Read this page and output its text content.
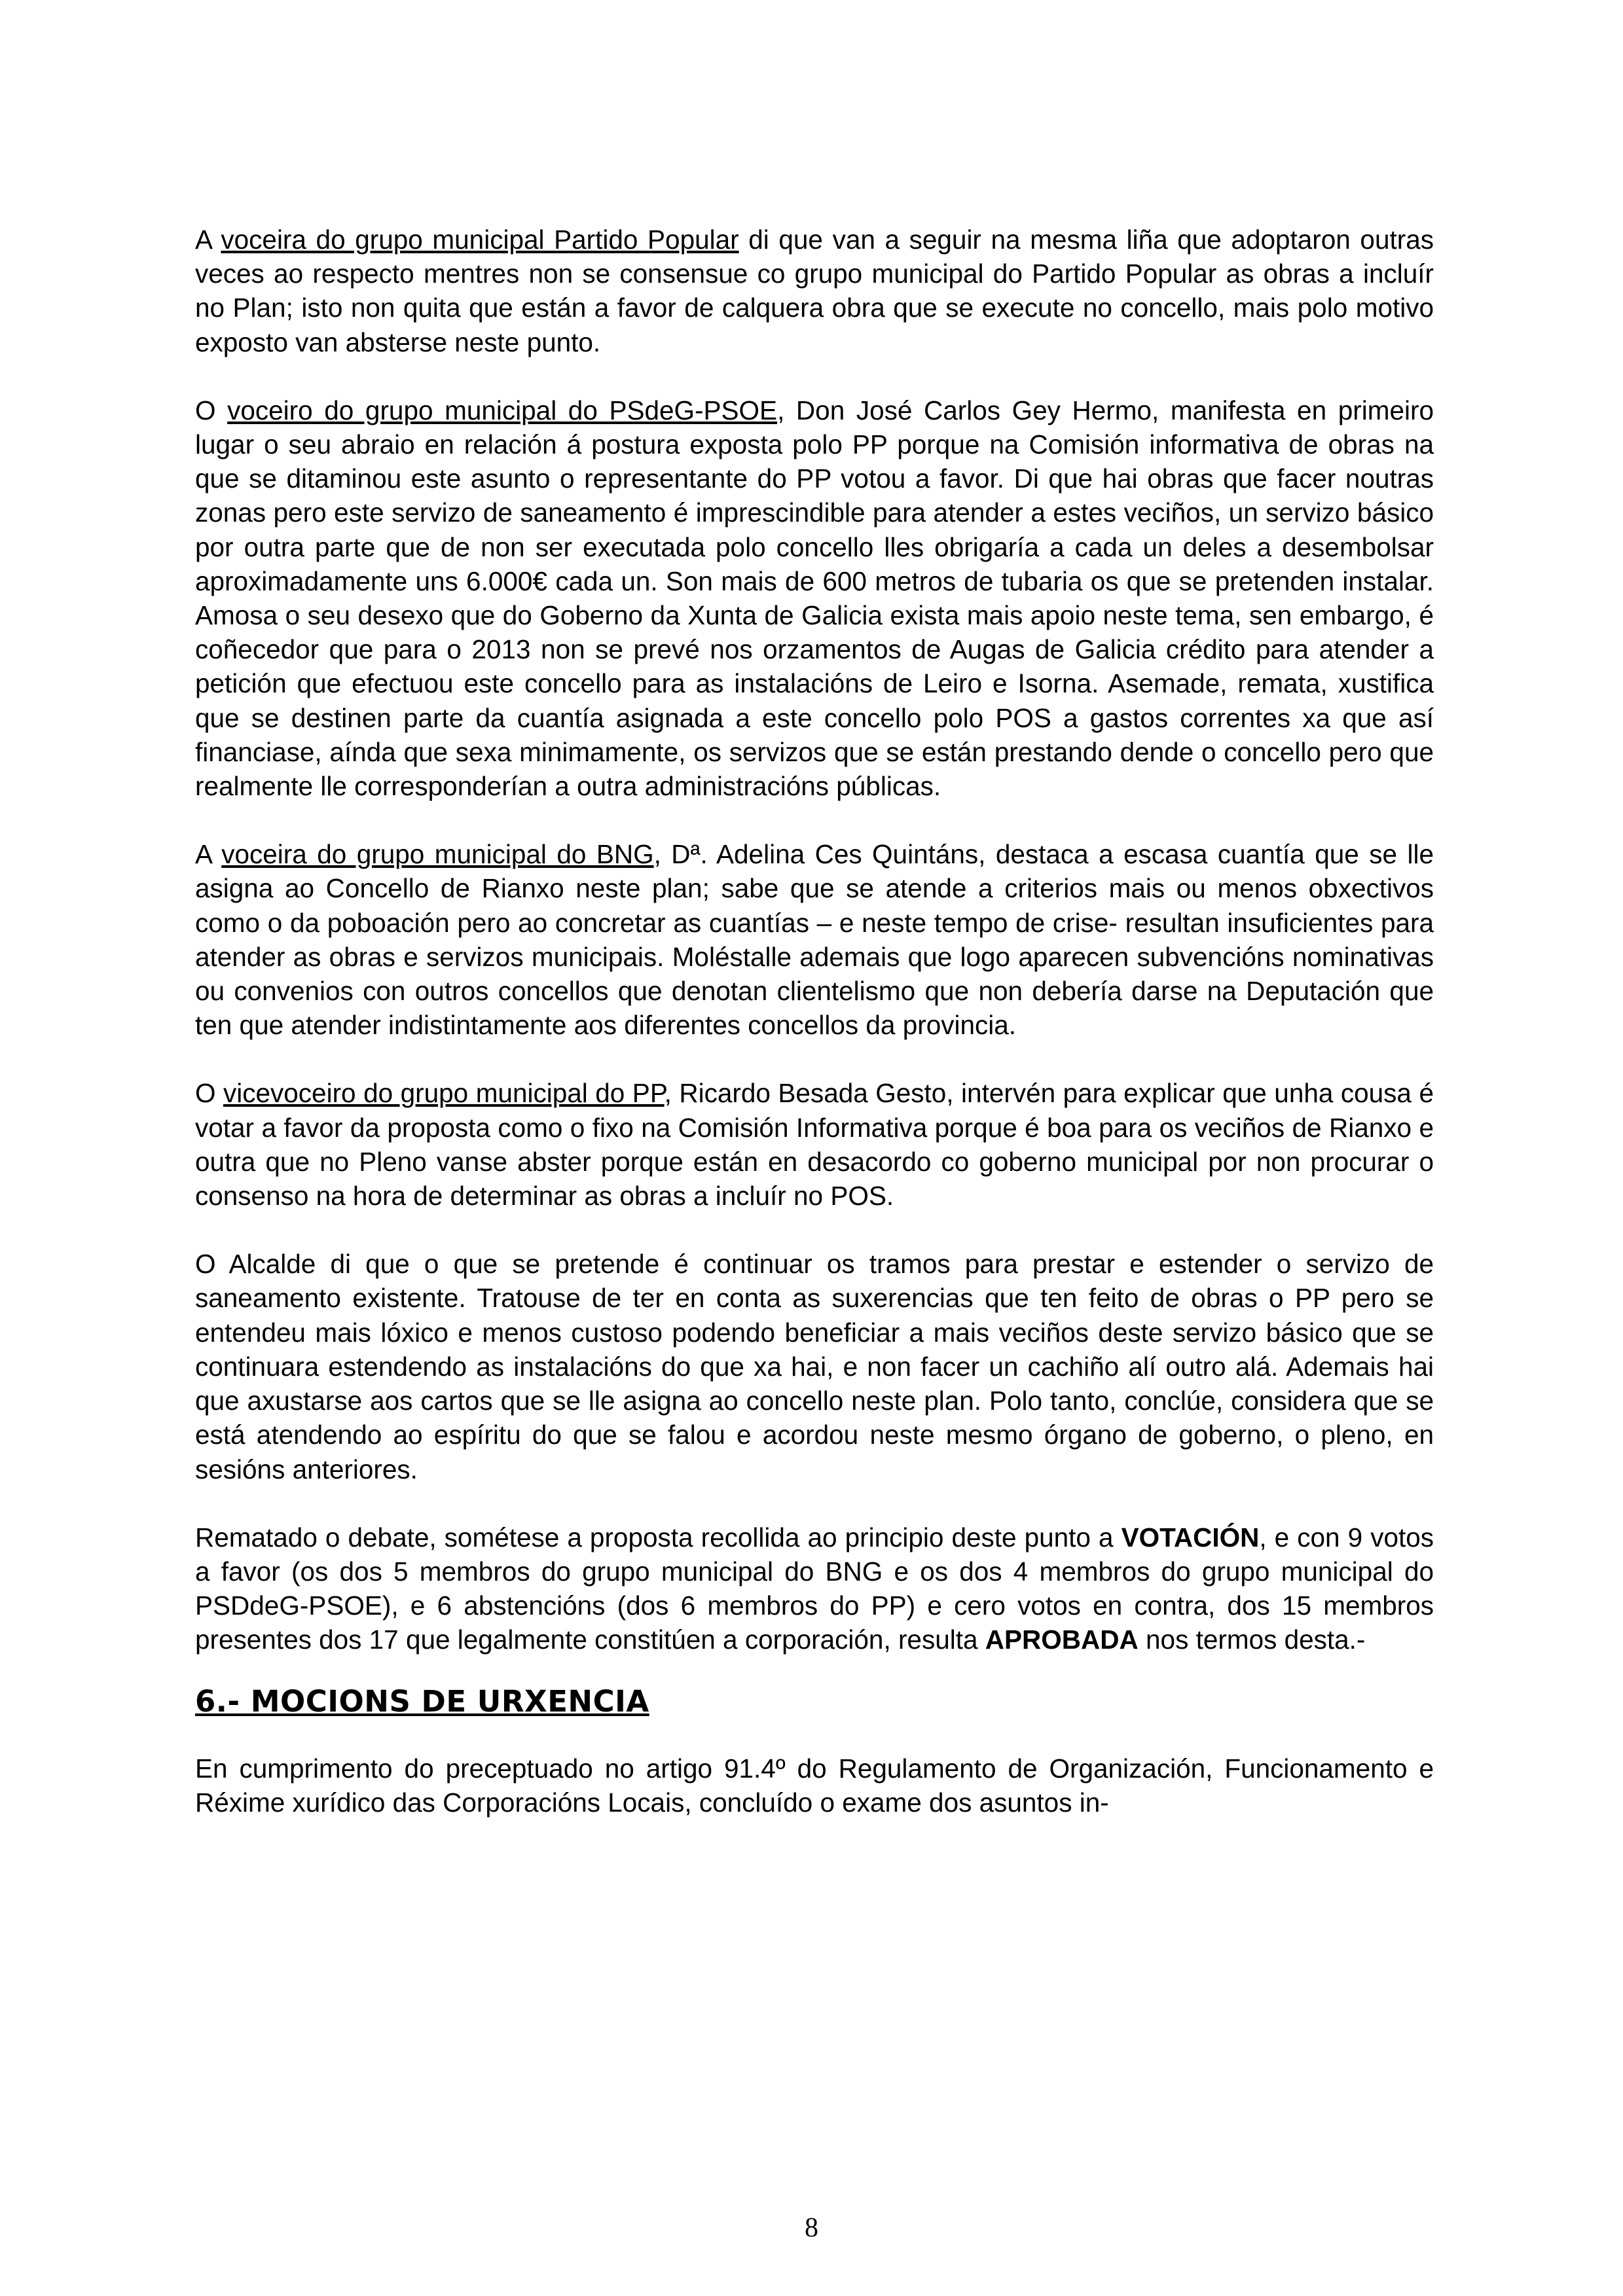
A voceira do grupo municipal Partido Popular di que van a seguir na mesma liña que adoptaron outras veces ao respecto mentres non se consensue co grupo municipal do Partido Popular as obras a incluír no Plan; isto non quita que están a favor de calquera obra que se execute no concello, mais polo motivo exposto van absterse neste punto.

O voceiro do grupo municipal do PSdeG-PSOE, Don José Carlos Gey Hermo, manifesta en primeiro lugar o seu abraio en relación á postura exposta polo PP porque na Comisión informativa de obras na que se ditaminou este asunto o representante do PP votou a favor. Di que hai obras que facer noutras zonas pero este servizo de saneamento é imprescindible para atender a estes veciños, un servizo básico por outra parte que de non ser executada polo concello lles obrigaría a cada un deles a desembolsar aproximadamente uns 6.000€ cada un. Son mais de 600 metros de tubaria os que se pretenden instalar. Amosa o seu desexo que do Goberno da Xunta de Galicia exista mais apoio neste tema, sen embargo, é coñecedor que para o 2013 non se prevé nos orzamentos de Augas de Galicia crédito para atender a petición que efectuou este concello para as instalacións de Leiro e Isorna. Asemade, remata, xustifica que se destinen parte da cuantía asignada a este concello polo POS a gastos correntes xa que así financiase, aínda que sexa minimamente, os servizos que se están prestando dende o concello pero que realmente lle corresponderían a outra administracións públicas.

A voceira do grupo municipal do BNG, Dª. Adelina Ces Quintáns, destaca a escasa cuantía que se lle asigna ao Concello de Rianxo neste plan; sabe que se atende a criterios mais ou menos obxectivos como o da poboación pero ao concretar as cuantías – e neste tempo de crise- resultan insuficientes para atender as obras e servizos municipais. Moléstalle ademais que logo aparecen subvencións nominativas ou convenios con outros concellos que denotan clientelismo que non debería darse na Deputación que ten que atender indistintamente aos diferentes concellos da provincia.

O vicevoceiro do grupo municipal do PP, Ricardo Besada Gesto, intervén para explicar que unha cousa é votar a favor da proposta como o fixo na Comisión Informativa porque é boa para os veciños de Rianxo e outra que no Pleno vanse abster porque están en desacordo co goberno municipal por non procurar o consenso na hora de determinar as obras a incluír no POS.

O Alcalde di que o que se pretende é continuar os tramos para prestar e estender o servizo de saneamento existente. Tratouse de ter en conta as suxerencias que ten feito de obras o PP pero se entendeu mais lóxico e menos custoso podendo beneficiar a mais veciños deste servizo básico que se continuara estendendo as instalacións do que xa hai, e non facer un cachiño alí outro alá. Ademais hai que axustarse aos cartos que se lle asigna ao concello neste plan. Polo tanto, conclúe, considera que se está atendendo ao espíritu do que se falou e acordou neste mesmo órgano de goberno, o pleno, en sesións anteriores.

Rematado o debate, sométese a proposta recollida ao principio deste punto a VOTACIÓN, e con 9 votos a favor (os dos 5 membros do grupo municipal do BNG e os dos 4 membros do grupo municipal do PSDdeG-PSOE), e 6 abstencións (dos 6 membros do PP) e cero votos en contra, dos 15 membros presentes dos 17 que legalmente constitúen a corporación, resulta APROBADA nos termos desta.-

6.- MOCIONS DE URXENCIA

En cumprimento do preceptuado no artigo 91.4º do Regulamento de Organización, Funcionamento e Réxime xurídico das Corporacións Locais, concluído o exame dos asuntos in-

8
